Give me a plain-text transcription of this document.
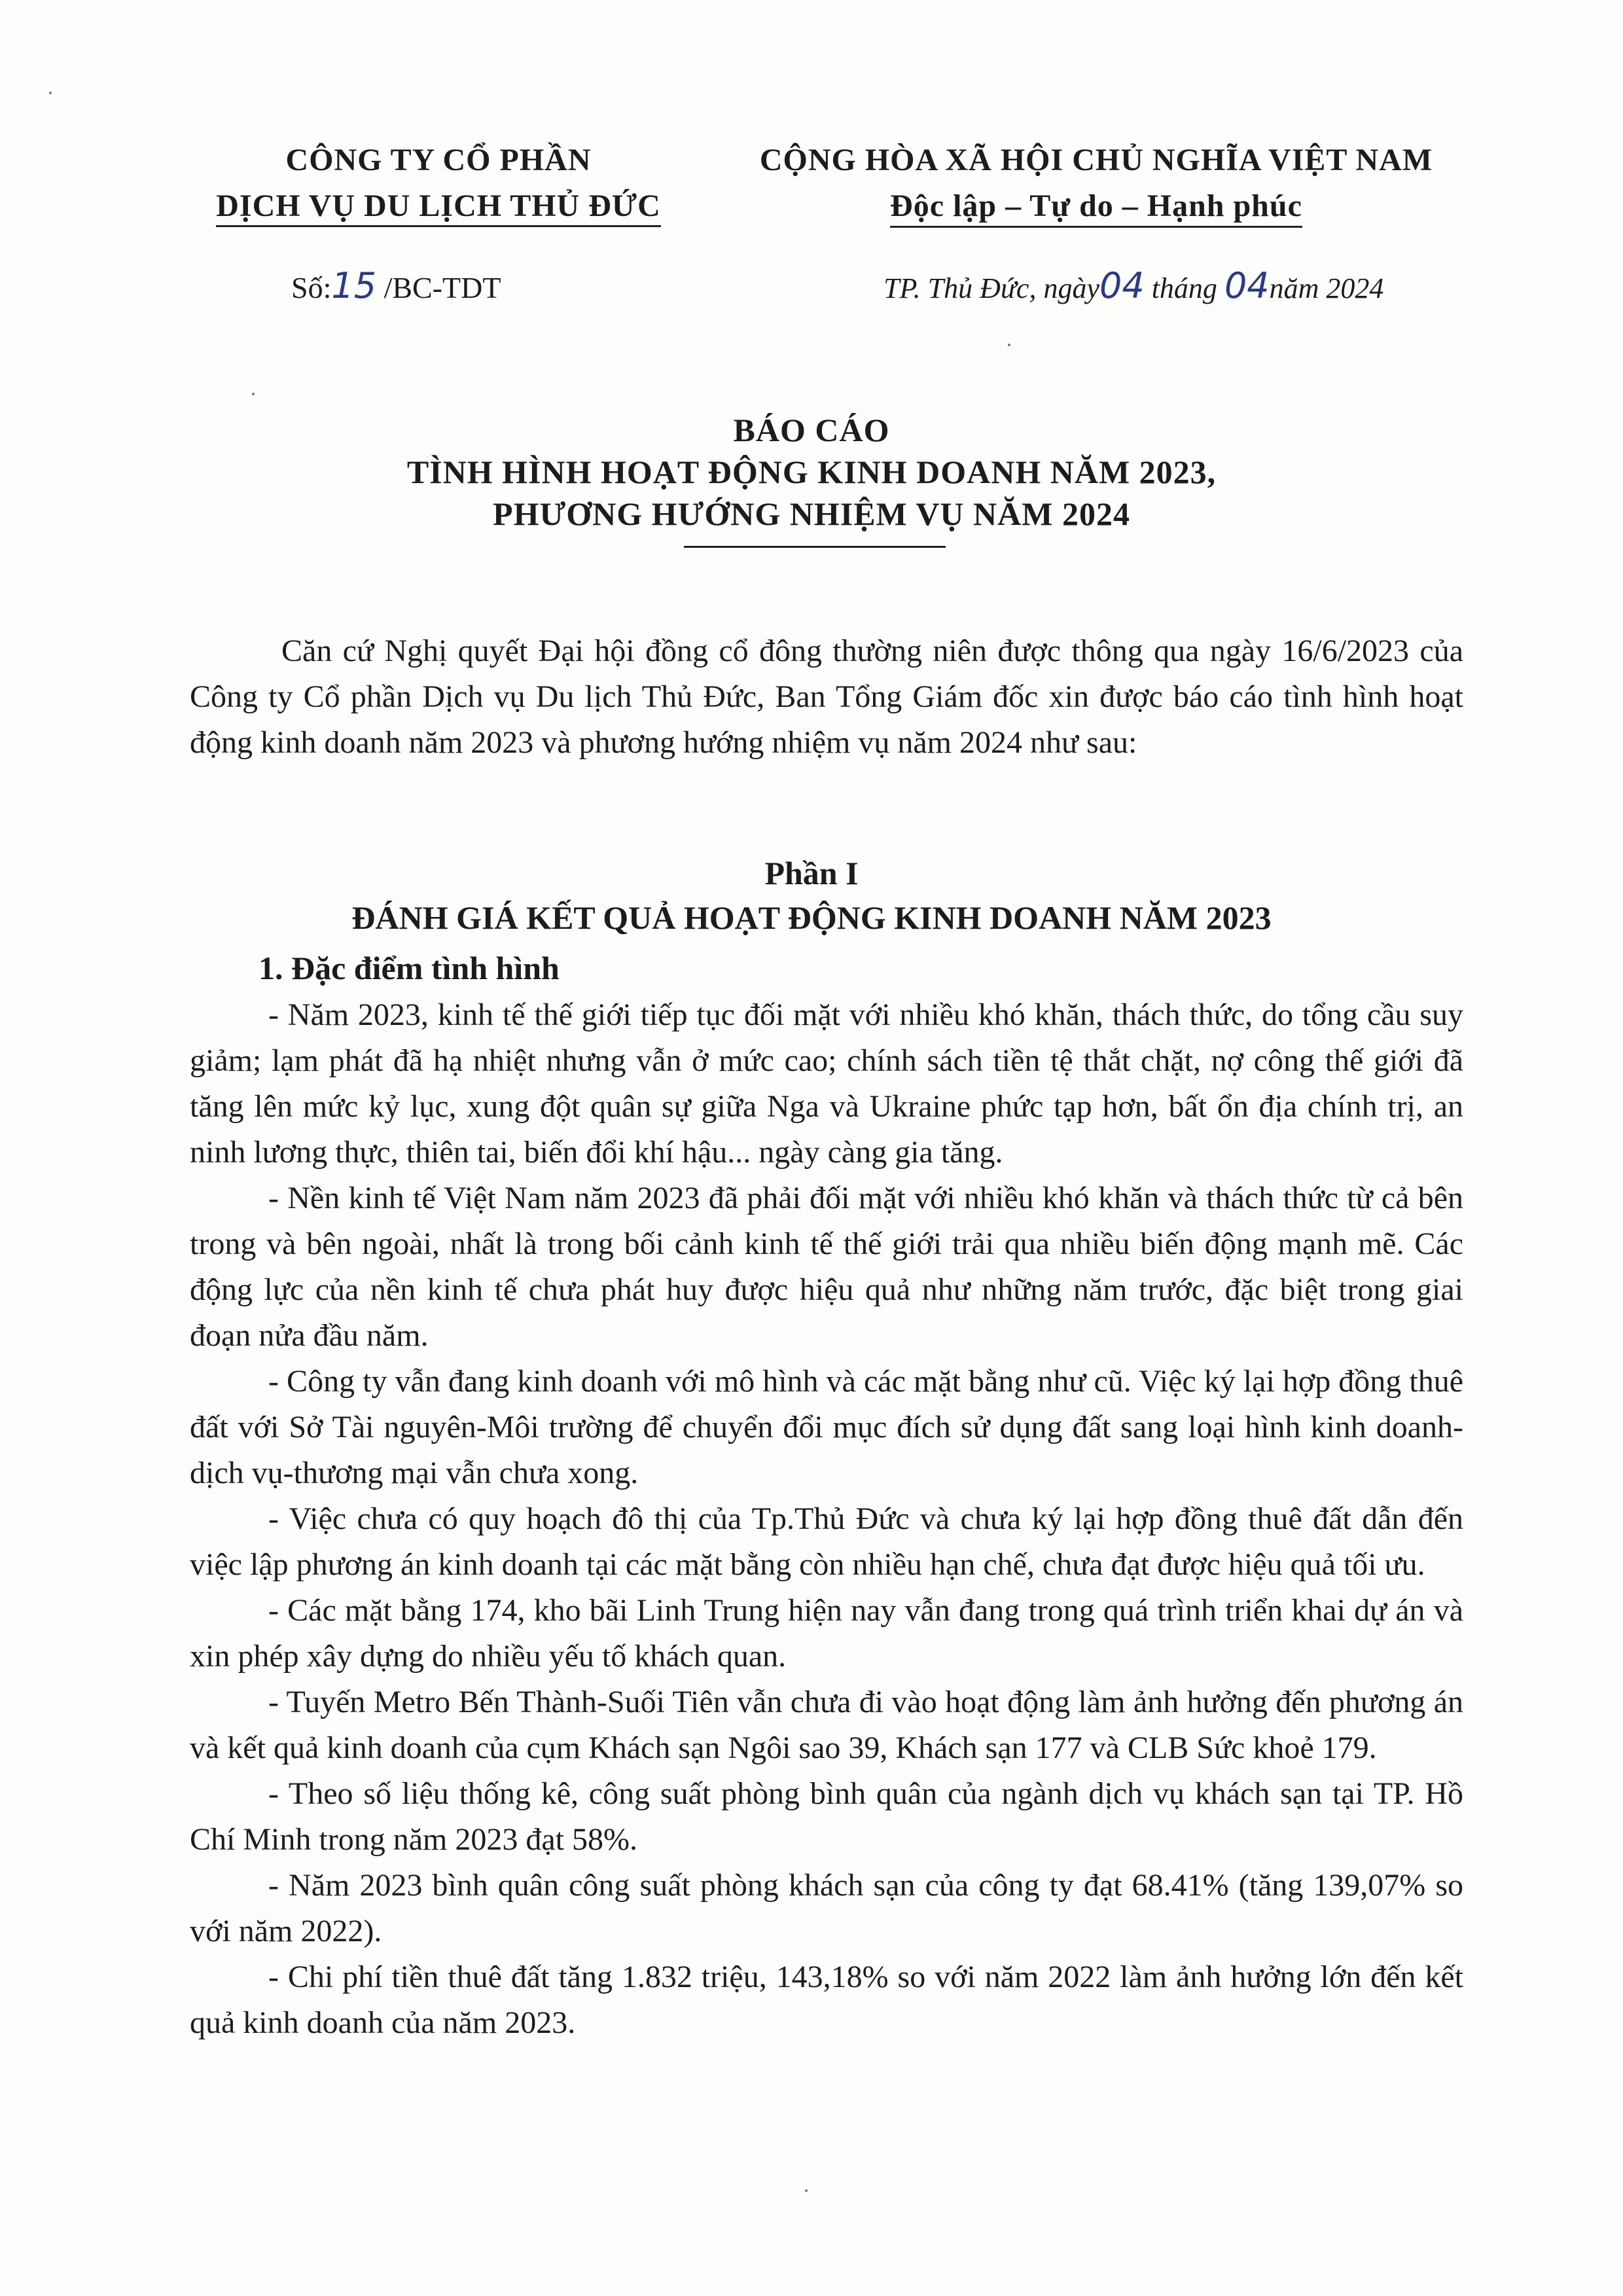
CÔNG TY CỔ PHẦN
DỊCH VỤ DU LỊCH THỦ ĐỨC
CỘNG HÒA XÃ HỘI CHỦ NGHĨA VIỆT NAM
Độc lập – Tự do – Hạnh phúc
Số:15 /BC-TDT	TP. Thủ Đức, ngày04 tháng 04năm 2024
BÁO CÁO
TÌNH HÌNH HOẠT ĐỘNG KINH DOANH NĂM 2023,
PHƯƠNG HƯỚNG NHIỆM VỤ NĂM 2024
Căn cứ Nghị quyết Đại hội đồng cổ đông thường niên được thông qua ngày 16/6/2023 của Công ty Cổ phần Dịch vụ Du lịch Thủ Đức, Ban Tổng Giám đốc xin được báo cáo tình hình hoạt động kinh doanh năm 2023 và phương hướng nhiệm vụ năm 2024 như sau:
Phần I
ĐÁNH GIÁ KẾT QUẢ HOẠT ĐỘNG KINH DOANH NĂM 2023
1. Đặc điểm tình hình

- Năm 2023, kinh tế thế giới tiếp tục đối mặt với nhiều khó khăn, thách thức, do tổng cầu suy giảm; lạm phát đã hạ nhiệt nhưng vẫn ở mức cao; chính sách tiền tệ thắt chặt, nợ công thế giới đã tăng lên mức kỷ lục, xung đột quân sự giữa Nga và Ukraine phức tạp hơn, bất ổn địa chính trị, an ninh lương thực, thiên tai, biến đổi khí hậu... ngày càng gia tăng.

- Nền kinh tế Việt Nam năm 2023 đã phải đối mặt với nhiều khó khăn và thách thức từ cả bên trong và bên ngoài, nhất là trong bối cảnh kinh tế thế giới trải qua nhiều biến động mạnh mẽ. Các động lực của nền kinh tế chưa phát huy được hiệu quả như những năm trước, đặc biệt trong giai đoạn nửa đầu năm.

- Công ty vẫn đang kinh doanh với mô hình và các mặt bằng như cũ. Việc ký lại hợp đồng thuê đất với Sở Tài nguyên-Môi trường để chuyển đổi mục đích sử dụng đất sang loại hình kinh doanh-dịch vụ-thương mại vẫn chưa xong.

- Việc chưa có quy hoạch đô thị của Tp.Thủ Đức và chưa ký lại hợp đồng thuê đất dẫn đến việc lập phương án kinh doanh tại các mặt bằng còn nhiều hạn chế, chưa đạt được hiệu quả tối ưu.

- Các mặt bằng 174, kho bãi Linh Trung hiện nay vẫn đang trong quá trình triển khai dự án và xin phép xây dựng do nhiều yếu tố khách quan.

- Tuyến Metro Bến Thành-Suối Tiên vẫn chưa đi vào hoạt động làm ảnh hưởng đến phương án và kết quả kinh doanh của cụm Khách sạn Ngôi sao 39, Khách sạn 177 và CLB Sức khoẻ 179.

- Theo số liệu thống kê, công suất phòng bình quân của ngành dịch vụ khách sạn tại TP. Hồ Chí Minh trong năm 2023 đạt 58%.

- Năm 2023 bình quân công suất phòng khách sạn của công ty đạt 68.41% (tăng 139,07% so với năm 2022).

- Chi phí tiền thuê đất tăng 1.832 triệu, 143,18% so với năm 2022 làm ảnh hưởng lớn đến kết quả kinh doanh của năm 2023.
